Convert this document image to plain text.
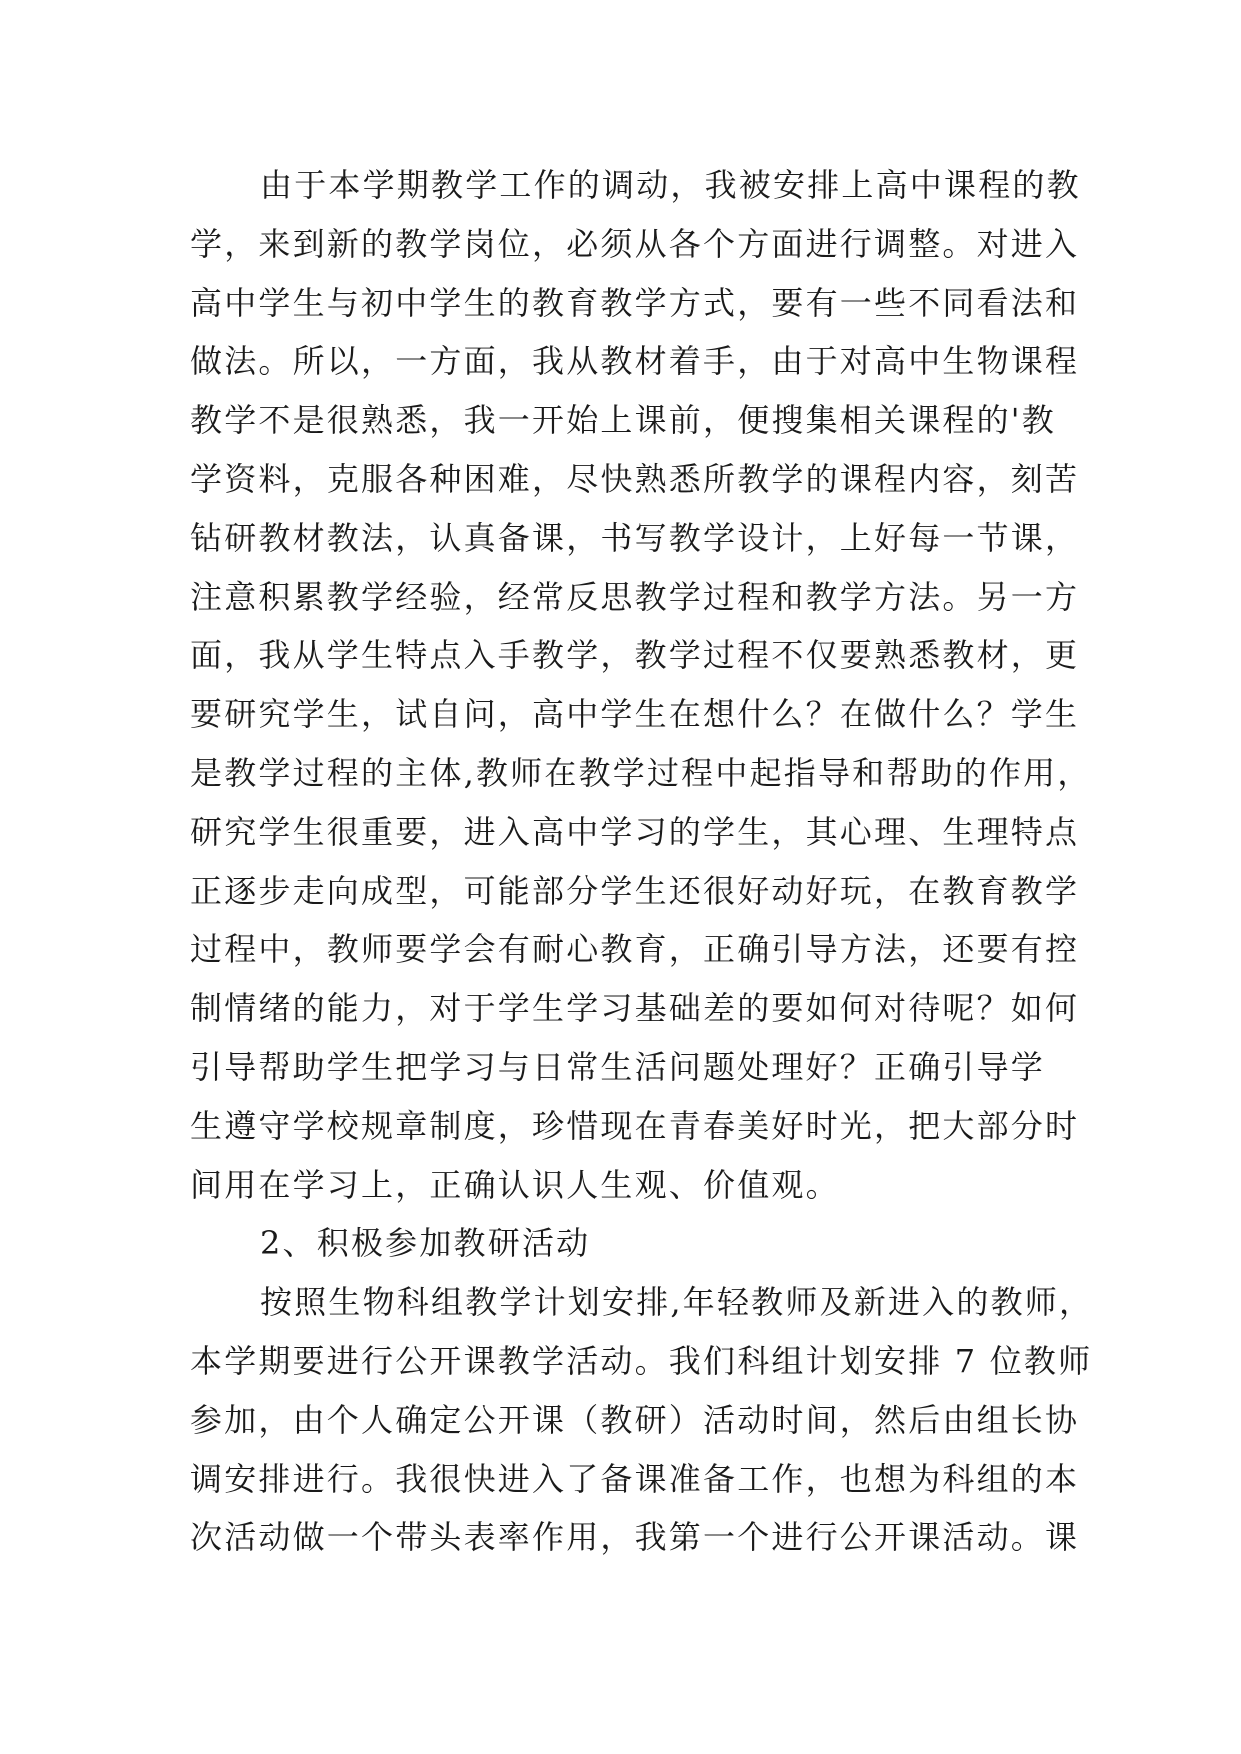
由于本学期教学工作的调动，我被安排上高中课程的教
学，来到新的教学岗位，必须从各个方面进行调整。对进入
高中学生与初中学生的教育教学方式，要有一些不同看法和
做法。所以，一方面，我从教材着手，由于对高中生物课程
教学不是很熟悉，我一开始上课前，便搜集相关课程的'教
学资料，克服各种困难，尽快熟悉所教学的课程内容，刻苦
钻研教材教法，认真备课，书写教学设计，上好每一节课，
注意积累教学经验，经常反思教学过程和教学方法。另一方
面，我从学生特点入手教学，教学过程不仅要熟悉教材，更
要研究学生，试自问，高中学生在想什么？在做什么？学生
是教学过程的主体,教师在教学过程中起指导和帮助的作用，
研究学生很重要，进入高中学习的学生，其心理、生理特点
正逐步走向成型，可能部分学生还很好动好玩，在教育教学
过程中，教师要学会有耐心教育，正确引导方法，还要有控
制情绪的能力，对于学生学习基础差的要如何对待呢？如何
引导帮助学生把学习与日常生活问题处理好？正确引导学
生遵守学校规章制度，珍惜现在青春美好时光，把大部分时
间用在学习上，正确认识人生观、价值观。
2、积极参加教研活动
按照生物科组教学计划安排,年轻教师及新进入的教师，
本学期要进行公开课教学活动。我们科组计划安排 7 位教师
参加，由个人确定公开课（教研）活动时间，然后由组长协
调安排进行。我很快进入了备课准备工作，也想为科组的本
次活动做一个带头表率作用，我第一个进行公开课活动。课
